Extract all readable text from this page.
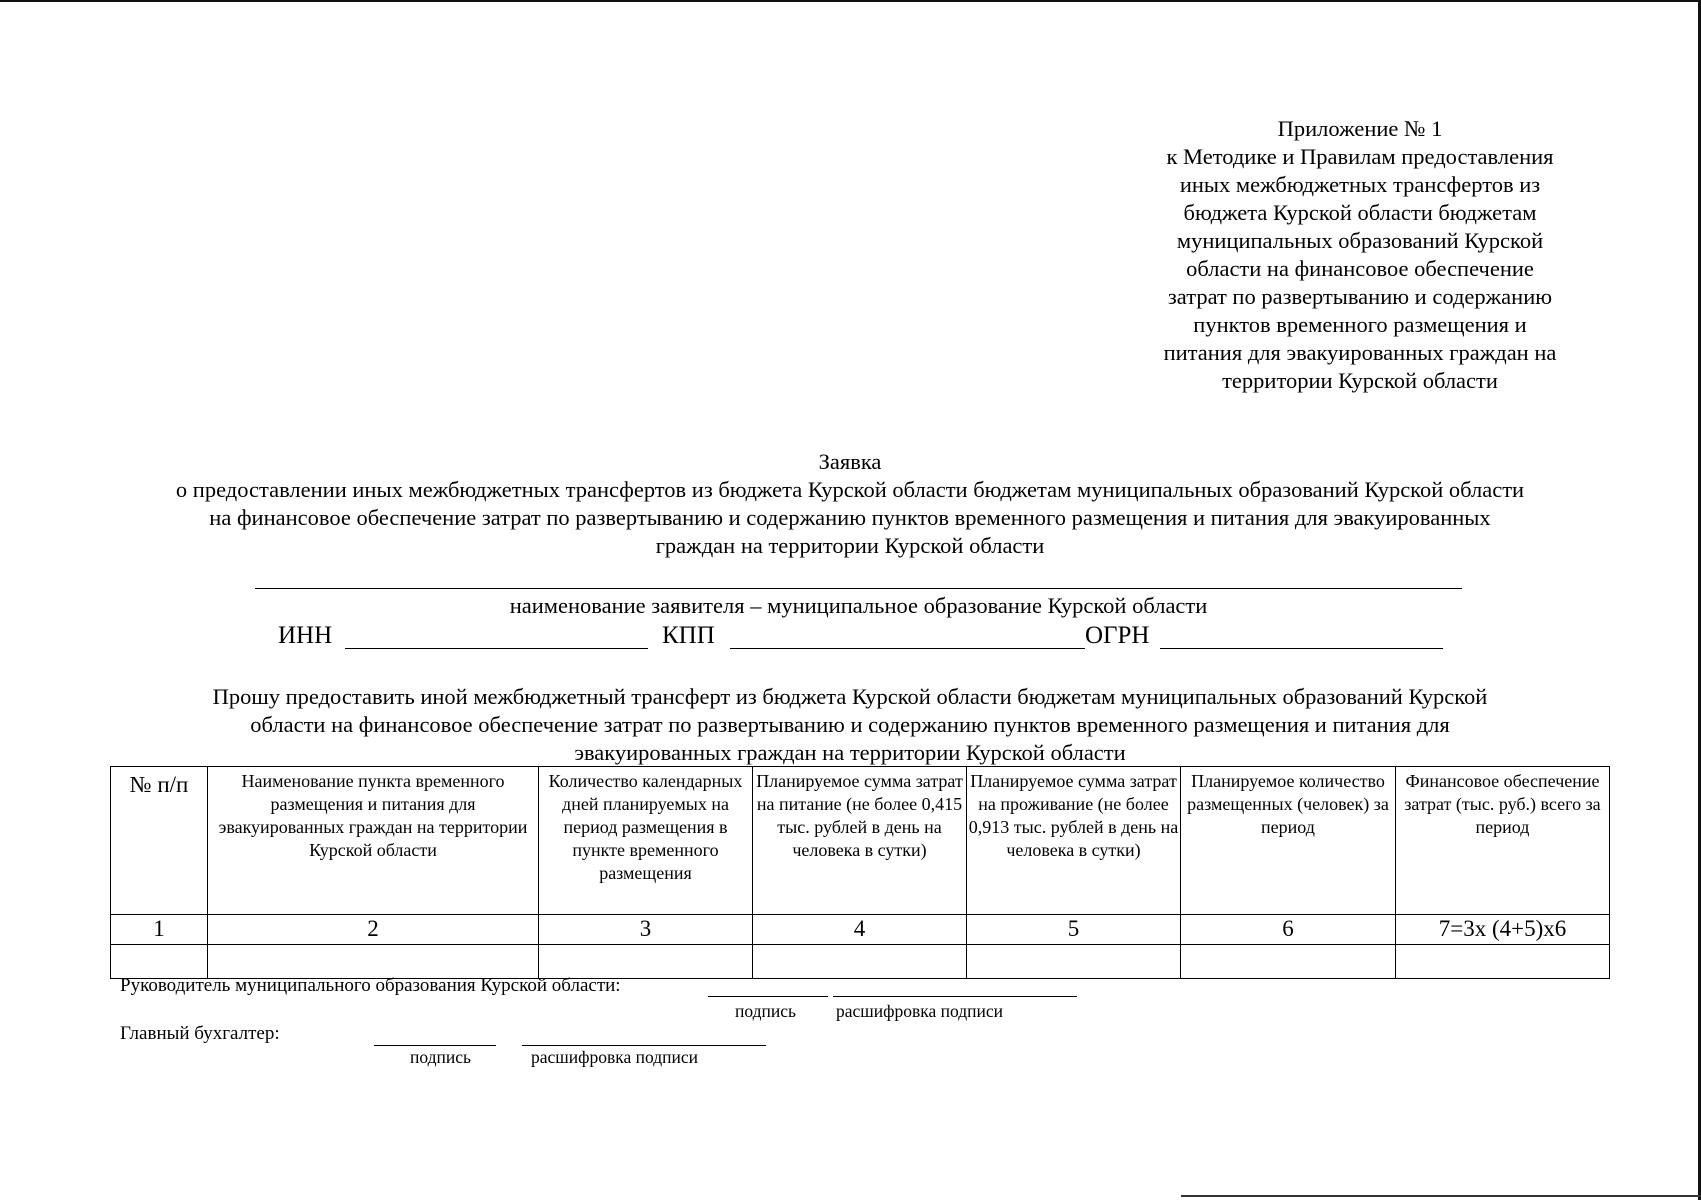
Приложение № 1
к Методике и Правилам предоставления
иных межбюджетных трансфертов из
бюджета Курской области бюджетам
муниципальных образований Курской
области на финансовое обеспечение
затрат по развертыванию и содержанию
пунктов временного размещения и
питания для эвакуированных граждан на
территории Курской области
Заявка
о предоставлении иных межбюджетных трансфертов из бюджета Курской области бюджетам муниципальных образований Курской области
на финансовое обеспечение затрат по развертыванию и содержанию пунктов временного размещения и питания для эвакуированных
граждан на территории Курской области
наименование заявителя – муниципальное образование Курской области
ИНН	КПП	ОГРН
Прошу предоставить иной межбюджетный трансферт из бюджета Курской области бюджетам муниципальных образований Курской
области на финансовое обеспечение затрат по развертыванию и содержанию пунктов временного размещения и питания для
эвакуированных граждан на территории Курской области
№ п/п	Наименование пункта временного размещения и питания для эвакуированных граждан на территории Курской области	Количество календарных дней планируемых на период размещения в пункте временного размещения	Планируемое сумма затрат на питание (не более 0,415 тыс. рублей в день на человека в сутки)	Планируемое сумма затрат на проживание (не более 0,913 тыс. рублей в день на человека в сутки)	Планируемое количество размещенных (человек) за период	Финансовое обеспечение затрат (тыс. руб.) всего за период
1	2	3	4	5	6	7=3х (4+5)х6

Руководитель муниципального образования Курской области:
подпись расшифровка подписи
Главный бухгалтер:
подпись	расшифровка подписи
